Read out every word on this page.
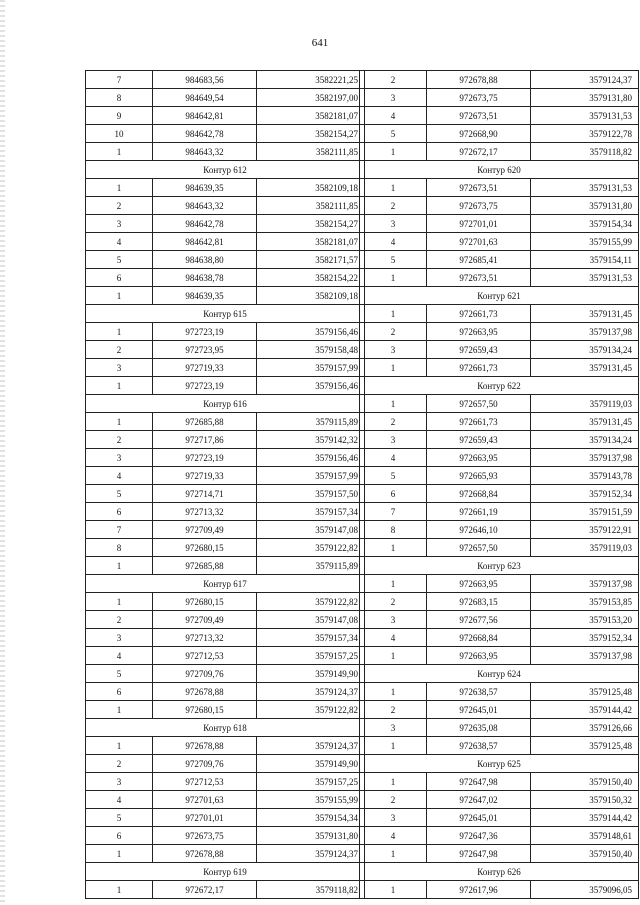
641
7	984683,56	3582221,25
8	984649,54	3582197,00
9	984642,81	3582181,07
10	984642,78	3582154,27
1	984643,32	3582111,85
Контур 612		
1	984639,35	3582109,18
2	984643,32	3582111,85
3	984642,78	3582154,27
4	984642,81	3582181,07
5	984638,80	3582171,57
6	984638,78	3582154,22
1	984639,35	3582109,18
Контур 615		
1	972723,19	3579156,46
2	972723,95	3579158,48
3	972719,33	3579157,99
1	972723,19	3579156,46
Контур 616		
1	972685,88	3579115,89
2	972717,86	3579142,32
3	972723,19	3579156,46
4	972719,33	3579157,99
5	972714,71	3579157,50
6	972713,32	3579157,34
7	972709,49	3579147,08
8	972680,15	3579122,82
1	972685,88	3579115,89
Контур 617		
1	972680,15	3579122,82
2	972709,49	3579147,08
3	972713,32	3579157,34
4	972712,53	3579157,25
5	972709,76	3579149,90
6	972678,88	3579124,37
1	972680,15	3579122,82
Контур 618		
1	972678,88	3579124,37
2	972709,76	3579149,90
3	972712,53	3579157,25
4	972701,63	3579155,99
5	972701,01	3579154,34
6	972673,75	3579131,80
1	972678,88	3579124,37
Контур 619		
1	972672,17	3579118,82
2	972678,88	3579124,37
3	972673,75	3579131,80
4	972673,51	3579131,53
5	972668,90	3579122,78
1	972672,17	3579118,82
Контур 620		
1	972673,51	3579131,53
2	972673,75	3579131,80
3	972701,01	3579154,34
4	972701,63	3579155,99
5	972685,41	3579154,11
1	972673,51	3579131,53
Контур 621		
1	972661,73	3579131,45
2	972663,95	3579137,98
3	972659,43	3579134,24
1	972661,73	3579131,45
Контур 622		
1	972657,50	3579119,03
2	972661,73	3579131,45
3	972659,43	3579134,24
4	972663,95	3579137,98
5	972665,93	3579143,78
6	972668,84	3579152,34
7	972661,19	3579151,59
8	972646,10	3579122,91
1	972657,50	3579119,03
Контур 623		
1	972663,95	3579137,98
2	972683,15	3579153,85
3	972677,56	3579153,20
4	972668,84	3579152,34
1	972663,95	3579137,98
Контур 624		
1	972638,57	3579125,48
2	972645,01	3579144,42
3	972635,08	3579126,66
1	972638,57	3579125,48
Контур 625		
1	972647,98	3579150,40
2	972647,02	3579150,32
3	972645,01	3579144,42
4	972647,36	3579148,61
1	972647,98	3579150,40
Контур 626		
1	972617,96	3579096,05
